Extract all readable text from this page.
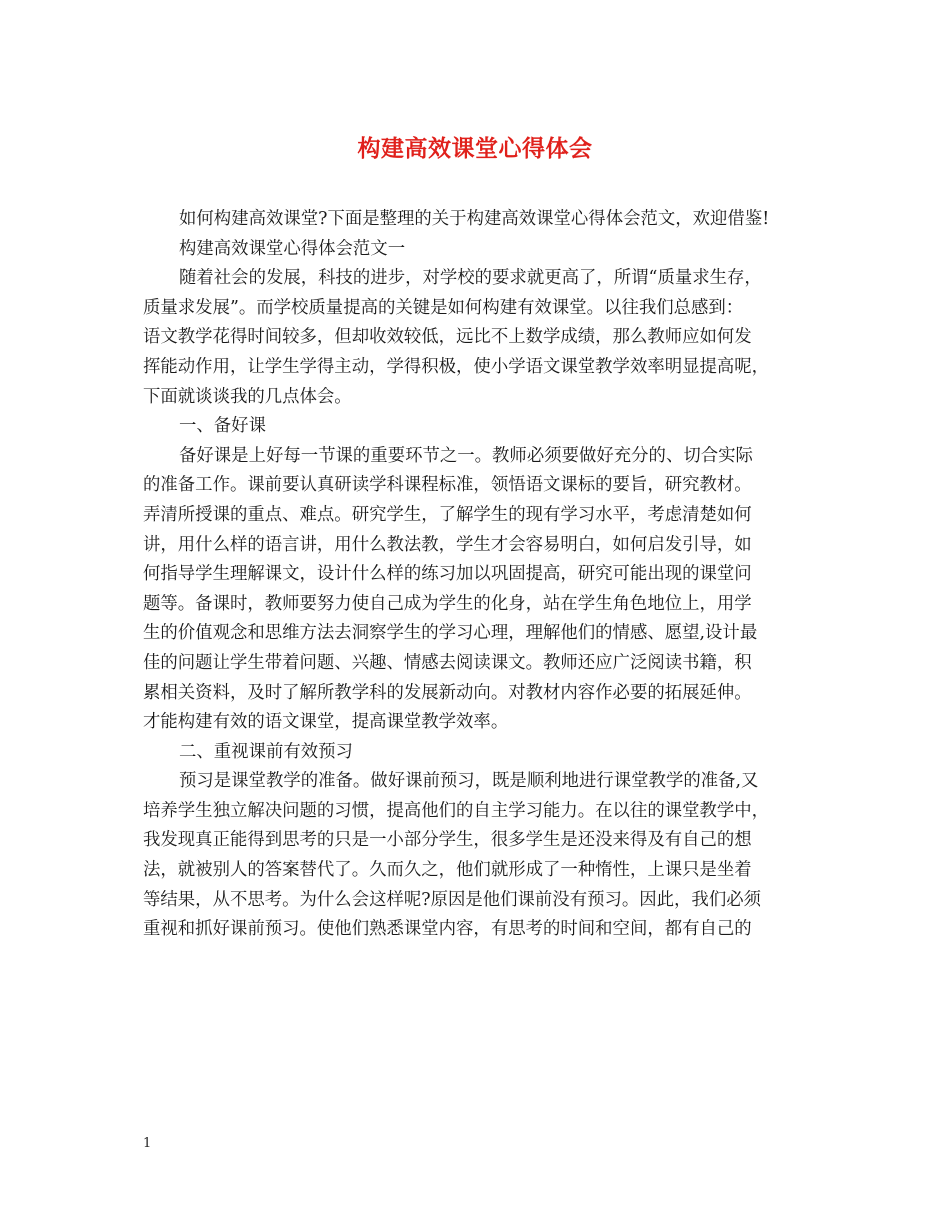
构建高效课堂心得体会

如何构建高效课堂?下面是整理的关于构建高效课堂心得体会范文，欢迎借鉴!

构建高效课堂心得体会范文一

随着社会的发展，科技的进步，对学校的要求就更高了，所谓“质量求生存，

质量求发展”。而学校质量提高的关键是如何构建有效课堂。以往我们总感到：

语文教学花得时间较多，但却收效较低，远比不上数学成绩，那么教师应如何发

挥能动作用，让学生学得主动，学得积极，使小学语文课堂教学效率明显提高呢，

下面就谈谈我的几点体会。

一、备好课

备好课是上好每一节课的重要环节之一。教师必须要做好充分的、切合实际

的准备工作。课前要认真研读学科课程标准，领悟语文课标的要旨，研究教材。

弄清所授课的重点、难点。研究学生，了解学生的现有学习水平，考虑清楚如何

讲，用什么样的语言讲，用什么教法教，学生才会容易明白，如何启发引导，如

何指导学生理解课文，设计什么样的练习加以巩固提高，研究可能出现的课堂问

题等。备课时，教师要努力使自己成为学生的化身，站在学生角色地位上，用学

生的价值观念和思维方法去洞察学生的学习心理，理解他们的情感、愿望,设计最

佳的问题让学生带着问题、兴趣、情感去阅读课文。教师还应广泛阅读书籍，积

累相关资料，及时了解所教学科的发展新动向。对教材内容作必要的拓展延伸。

才能构建有效的语文课堂，提高课堂教学效率。

二、重视课前有效预习

预习是课堂教学的准备。做好课前预习，既是顺利地进行课堂教学的准备,又

培养学生独立解决问题的习惯，提高他们的自主学习能力。在以往的课堂教学中，

我发现真正能得到思考的只是一小部分学生，很多学生是还没来得及有自己的想

法，就被别人的答案替代了。久而久之，他们就形成了一种惰性，上课只是坐着

等结果，从不思考。为什么会这样呢?原因是他们课前没有预习。因此，我们必须

重视和抓好课前预习。使他们熟悉课堂内容，有思考的时间和空间，都有自己的

1
